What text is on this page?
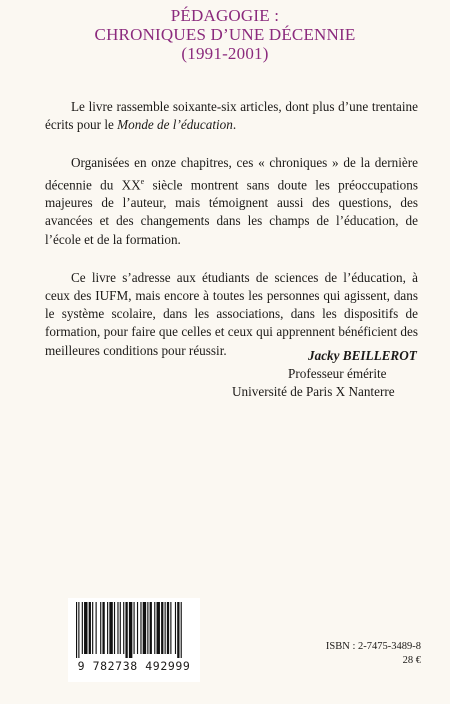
PÉDAGOGIE :
CHRONIQUES D’UNE DÉCENNIE
(1991-2001)

Le livre rassemble soixante-six articles, dont plus d’une trentaine écrits pour le Monde de l’éducation.

Organisées en onze chapitres, ces « chroniques » de la dernière décennie du XXe siècle montrent sans doute les préoccupations majeures de l’auteur, mais témoignent aussi des questions, des avancées et des changements dans les champs de l’éducation, de l’école et de la formation.

Ce livre s’adresse aux étudiants de sciences de l’éducation, à ceux des IUFM, mais encore à toutes les personnes qui agissent, dans le système scolaire, dans les associations, dans les dispositifs de formation, pour faire que celles et ceux qui apprennent bénéficient des meilleures conditions pour réussir.	Jacky BEILLEROT
Professeur émérite
Université de Paris X Nanterre
9 782738 492999
ISBN : 2-7475-3489-8
28 €
